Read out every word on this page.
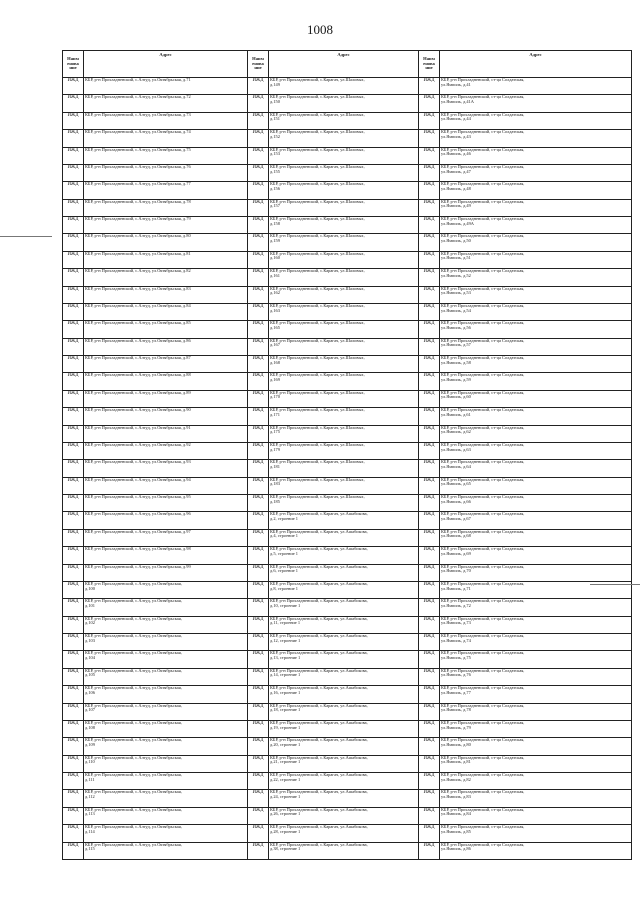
1008
Наим енова ние	Адрес	Наим енова ние	Адрес	Наим енова ние	Адрес
ИЖД	КБР, р-н Прохладненский, с.Алтуд, ул.Октябрьская, д.71	ИЖД	КБР, р-н Прохладненский, с.Карагач, ул.Шаловых,
д.149	ИЖД	КБР, р-н Прохладненский, ст-ца Солдатская,
ул.Ямпиль, д.41

ИЖД	КБР, р-н Прохладненский, с.Алтуд, ул.Октябрьская, д.72	ИЖД	КБР, р-н Прохладненский, с.Карагач, ул.Шаловых,
д.150	ИЖД	КБР, р-н Прохладненский, ст-ца Солдатская,
ул.Ямпиль, д.41А

ИЖД	КБР, р-н Прохладненский, с.Алтуд, ул.Октябрьская, д.73	ИЖД	КБР, р-н Прохладненский, с.Карагач, ул.Шаловых,
д.151	ИЖД	КБР, р-н Прохладненский, ст-ца Солдатская,
ул.Ямпиль, д.44

ИЖД	КБР, р-н Прохладненский, с.Алтуд, ул.Октябрьская, д.74	ИЖД	КБР, р-н Прохладненский, с.Карагач, ул.Шаловых,
д.152	ИЖД	КБР, р-н Прохладненский, ст-ца Солдатская,
ул.Ямпиль, д.43

ИЖД	КБР, р-н Прохладненский, с.Алтуд, ул.Октябрьская, д.75	ИЖД	КБР, р-н Прохладненский, с.Карагач, ул.Шаловых,
д.153	ИЖД	КБР, р-н Прохладненский, ст-ца Солдатская,
ул.Ямпиль, д.46

ИЖД	КБР, р-н Прохладненский, с.Алтуд, ул.Октябрьская, д.76	ИЖД	КБР, р-н Прохладненский, с.Карагач, ул.Шаловых,
д.155	ИЖД	КБР, р-н Прохладненский, ст-ца Солдатская,
ул.Ямпиль, д.47

ИЖД	КБР, р-н Прохладненский, с.Алтуд, ул.Октябрьская, д.77	ИЖД	КБР, р-н Прохладненский, с.Карагач, ул.Шаловых,
д.156	ИЖД	КБР, р-н Прохладненский, ст-ца Солдатская,
ул.Ямпиль, д.48

ИЖД	КБР, р-н Прохладненский, с.Алтуд, ул.Октябрьская, д.78	ИЖД	КБР, р-н Прохладненский, с.Карагач, ул.Шаловых,
д.157	ИЖД	КБР, р-н Прохладненский, ст-ца Солдатская,
ул.Ямпиль, д.49

ИЖД	КБР, р-н Прохладненский, с.Алтуд, ул.Октябрьская, д.79	ИЖД	КБР, р-н Прохладненский, с.Карагач, ул.Шаловых,
д.158	ИЖД	КБР, р-н Прохладненский, ст-ца Солдатская,
ул.Ямпиль, д.49А

ИЖД	КБР, р-н Прохладненский, с.Алтуд, ул.Октябрьская, д.80	ИЖД	КБР, р-н Прохладненский, с.Карагач, ул.Шаловых,
д.159	ИЖД	КБР, р-н Прохладненский, ст-ца Солдатская,
ул.Ямпиль, д.50

ИЖД	КБР, р-н Прохладненский, с.Алтуд, ул.Октябрьская, д.81	ИЖД	КБР, р-н Прохладненский, с.Карагач, ул.Шаловых,
д.160	ИЖД	КБР, р-н Прохладненский, ст-ца Солдатская,
ул.Ямпиль, д.51

ИЖД	КБР, р-н Прохладненский, с.Алтуд, ул.Октябрьская, д.82	ИЖД	КБР, р-н Прохладненский, с.Карагач, ул.Шаловых,
д.161	ИЖД	КБР, р-н Прохладненский, ст-ца Солдатская,
ул.Ямпиль, д.52

ИЖД	КБР, р-н Прохладненский, с.Алтуд, ул.Октябрьская, д.83	ИЖД	КБР, р-н Прохладненский, с.Карагач, ул.Шаловых,
д.162	ИЖД	КБР, р-н Прохладненский, ст-ца Солдатская,
ул.Ямпиль, д.53

ИЖД	КБР, р-н Прохладненский, с.Алтуд, ул.Октябрьская, д.84	ИЖД	КБР, р-н Прохладненский, с.Карагач, ул.Шаловых,
д.163	ИЖД	КБР, р-н Прохладненский, ст-ца Солдатская,
ул.Ямпиль, д.54

ИЖД	КБР, р-н Прохладненский, с.Алтуд, ул.Октябрьская, д.85	ИЖД	КБР, р-н Прохладненский, с.Карагач, ул.Шаловых,
д.165	ИЖД	КБР, р-н Прохладненский, ст-ца Солдатская,
ул.Ямпиль, д.56

ИЖД	КБР, р-н Прохладненский, с.Алтуд, ул.Октябрьская, д.86	ИЖД	КБР, р-н Прохладненский, с.Карагач, ул.Шаловых,
д.167	ИЖД	КБР, р-н Прохладненский, ст-ца Солдатская,
ул.Ямпиль, д.57

ИЖД	КБР, р-н Прохладненский, с.Алтуд, ул.Октябрьская, д.87	ИЖД	КБР, р-н Прохладненский, с.Карагач, ул.Шаловых,
д.168	ИЖД	КБР, р-н Прохладненский, ст-ца Солдатская,
ул.Ямпиль, д.58

ИЖД	КБР, р-н Прохладненский, с.Алтуд, ул.Октябрьская, д.88	ИЖД	КБР, р-н Прохладненский, с.Карагач, ул.Шаловых,
д.169	ИЖД	КБР, р-н Прохладненский, ст-ца Солдатская,
ул.Ямпиль, д.59

ИЖД	КБР, р-н Прохладненский, с.Алтуд, ул.Октябрьская, д.89	ИЖД	КБР, р-н Прохладненский, с.Карагач, ул.Шаловых,
д.170	ИЖД	КБР, р-н Прохладненский, ст-ца Солдатская,
ул.Ямпиль, д.60

ИЖД	КБР, р-н Прохладненский, с.Алтуд, ул.Октябрьская, д.90	ИЖД	КБР, р-н Прохладненский, с.Карагач, ул.Шаловых,
д.171	ИЖД	КБР, р-н Прохладненский, ст-ца Солдатская,
ул.Ямпиль, д.61

ИЖД	КБР, р-н Прохладненский, с.Алтуд, ул.Октябрьская, д.91	ИЖД	КБР, р-н Прохладненский, с.Карагач, ул.Шаловых,
д.175	ИЖД	КБР, р-н Прохладненский, ст-ца Солдатская,
ул.Ямпиль, д.62

ИЖД	КБР, р-н Прохладненский, с.Алтуд, ул.Октябрьская, д.92	ИЖД	КБР, р-н Прохладненский, с.Карагач, ул.Шаловых,
д.179	ИЖД	КБР, р-н Прохладненский, ст-ца Солдатская,
ул.Ямпиль, д.63

ИЖД	КБР, р-н Прохладненский, с.Алтуд, ул.Октябрьская, д.93	ИЖД	КБР, р-н Прохладненский, с.Карагач, ул.Шаловых,
д.181	ИЖД	КБР, р-н Прохладненский, ст-ца Солдатская,
ул.Ямпиль, д.64

ИЖД	КБР, р-н Прохладненский, с.Алтуд, ул.Октябрьская, д.94	ИЖД	КБР, р-н Прохладненский, с.Карагач, ул.Шаловых,
д.183	ИЖД	КБР, р-н Прохладненский, ст-ца Солдатская,
ул.Ямпиль, д.65

ИЖД	КБР, р-н Прохладненский, с.Алтуд, ул.Октябрьская, д.95	ИЖД	КБР, р-н Прохладненский, с.Карагач, ул.Шаловых,
д.185	ИЖД	КБР, р-н Прохладненский, ст-ца Солдатская,
ул.Ямпиль, д.66

ИЖД	КБР, р-н Прохладненский, с.Алтуд, ул.Октябрьская, д.96	ИЖД	КБР, р-н Прохладненский, с.Карагач, ул.Ашабокова,
д.2, строение 1	ИЖД	КБР, р-н Прохладненский, ст-ца Солдатская,
ул.Ямпиль, д.67

ИЖД	КБР, р-н Прохладненский, с.Алтуд, ул.Октябрьская, д.97	ИЖД	КБР, р-н Прохладненский, с.Карагач, ул.Ашабокова,
д.4, строение 1	ИЖД	КБР, р-н Прохладненский, ст-ца Солдатская,
ул.Ямпиль, д.68

ИЖД	КБР, р-н Прохладненский, с.Алтуд, ул.Октябрьская, д.98	ИЖД	КБР, р-н Прохладненский, с.Карагач, ул.Ашабокова,
д.5, строение 1	ИЖД	КБР, р-н Прохладненский, ст-ца Солдатская,
ул.Ямпиль, д.69

ИЖД	КБР, р-н Прохладненский, с.Алтуд, ул.Октябрьская, д.99	ИЖД	КБР, р-н Прохладненский, с.Карагач, ул.Ашабокова,
д.6, строение 1	ИЖД	КБР, р-н Прохладненский, ст-ца Солдатская,
ул.Ямпиль, д.70

ИЖД	КБР, р-н Прохладненский, с.Алтуд, ул.Октябрьская,
д.100	ИЖД	КБР, р-н Прохладненский, с.Карагач, ул.Ашабокова,
д.8, строение 1	ИЖД	КБР, р-н Прохладненский, ст-ца Солдатская,
ул.Ямпиль, д.71

ИЖД	КБР, р-н Прохладненский, с.Алтуд, ул.Октябрьская,
д.101	ИЖД	КБР, р-н Прохладненский, с.Карагач, ул.Ашабокова,
д.10, строение 1	ИЖД	КБР, р-н Прохладненский, ст-ца Солдатская,
ул.Ямпиль, д.72

ИЖД	КБР, р-н Прохладненский, с.Алтуд, ул.Октябрьская,
д.102	ИЖД	КБР, р-н Прохладненский, с.Карагач, ул.Ашабокова,
д.11, строение 1	ИЖД	КБР, р-н Прохладненский, ст-ца Солдатская,
ул.Ямпиль, д.73

ИЖД	КБР, р-н Прохладненский, с.Алтуд, ул.Октябрьская,
д.103	ИЖД	КБР, р-н Прохладненский, с.Карагач, ул.Ашабокова,
д.12, строение 1	ИЖД	КБР, р-н Прохладненский, ст-ца Солдатская,
ул.Ямпиль, д.74

ИЖД	КБР, р-н Прохладненский, с.Алтуд, ул.Октябрьская,
д.104	ИЖД	КБР, р-н Прохладненский, с.Карагач, ул.Ашабокова,
д.13, строение 1	ИЖД	КБР, р-н Прохладненский, ст-ца Солдатская,
ул.Ямпиль, д.75

ИЖД	КБР, р-н Прохладненский, с.Алтуд, ул.Октябрьская,
д.105	ИЖД	КБР, р-н Прохладненский, с.Карагач, ул.Ашабокова,
д.14, строение 1	ИЖД	КБР, р-н Прохладненский, ст-ца Солдатская,
ул.Ямпиль, д.76

ИЖД	КБР, р-н Прохладненский, с.Алтуд, ул.Октябрьская,
д.106	ИЖД	КБР, р-н Прохладненский, с.Карагач, ул.Ашабокова,
д.16, строение 1	ИЖД	КБР, р-н Прохладненский, ст-ца Солдатская,
ул.Ямпиль, д.77

ИЖД	КБР, р-н Прохладненский, с.Алтуд, ул.Октябрьская,
д.107	ИЖД	КБР, р-н Прохладненский, с.Карагач, ул.Ашабокова,
д.18, строение 1	ИЖД	КБР, р-н Прохладненский, ст-ца Солдатская,
ул.Ямпиль, д.78

ИЖД	КБР, р-н Прохладненский, с.Алтуд, ул.Октябрьская,
д.108	ИЖД	КБР, р-н Прохладненский, с.Карагач, ул.Ашабокова,
д.19, строение 1	ИЖД	КБР, р-н Прохладненский, ст-ца Солдатская,
ул.Ямпиль, д.79

ИЖД	КБР, р-н Прохладненский, с.Алтуд, ул.Октябрьская,
д.109	ИЖД	КБР, р-н Прохладненский, с.Карагач, ул.Ашабокова,
д.20, строение 1	ИЖД	КБР, р-н Прохладненский, ст-ца Солдатская,
ул.Ямпиль, д.80

ИЖД	КБР, р-н Прохладненский, с.Алтуд, ул.Октябрьская,
д.110	ИЖД	КБР, р-н Прохладненский, с.Карагач, ул.Ашабокова,
д.21, строение 1	ИЖД	КБР, р-н Прохладненский, ст-ца Солдатская,
ул.Ямпиль, д.81

ИЖД	КБР, р-н Прохладненский, с.Алтуд, ул.Октябрьская,
д.111	ИЖД	КБР, р-н Прохладненский, с.Карагач, ул.Ашабокова,
д.22, строение 1	ИЖД	КБР, р-н Прохладненский, ст-ца Солдатская,
ул.Ямпиль, д.82

ИЖД	КБР, р-н Прохладненский, с.Алтуд, ул.Октябрьская,
д.112	ИЖД	КБР, р-н Прохладненский, с.Карагач, ул.Ашабокова,
д.24, строение 1	ИЖД	КБР, р-н Прохладненский, ст-ца Солдатская,
ул.Ямпиль, д.83

ИЖД	КБР, р-н Прохладненский, с.Алтуд, ул.Октябрьская,
д.113	ИЖД	КБР, р-н Прохладненский, с.Карагач, ул.Ашабокова,
д.26, строение 1	ИЖД	КБР, р-н Прохладненский, ст-ца Солдатская,
ул.Ямпиль, д.84

ИЖД	КБР, р-н Прохладненский, с.Алтуд, ул.Октябрьская,
д.114	ИЖД	КБР, р-н Прохладненский, с.Карагач, ул.Ашабокова,
д.28, строение 1	ИЖД	КБР, р-н Прохладненский, ст-ца Солдатская,
ул.Ямпиль, д.85

ИЖД	КБР, р-н Прохладненский, с.Алтуд, ул.Октябрьская,
д.115	ИЖД	КБР, р-н Прохладненский, с.Карагач, ул.Ашабокова,
д.38, строение 1	ИЖД	КБР, р-н Прохладненский, ст-ца Солдатская,
ул.Ямпиль, д.86
